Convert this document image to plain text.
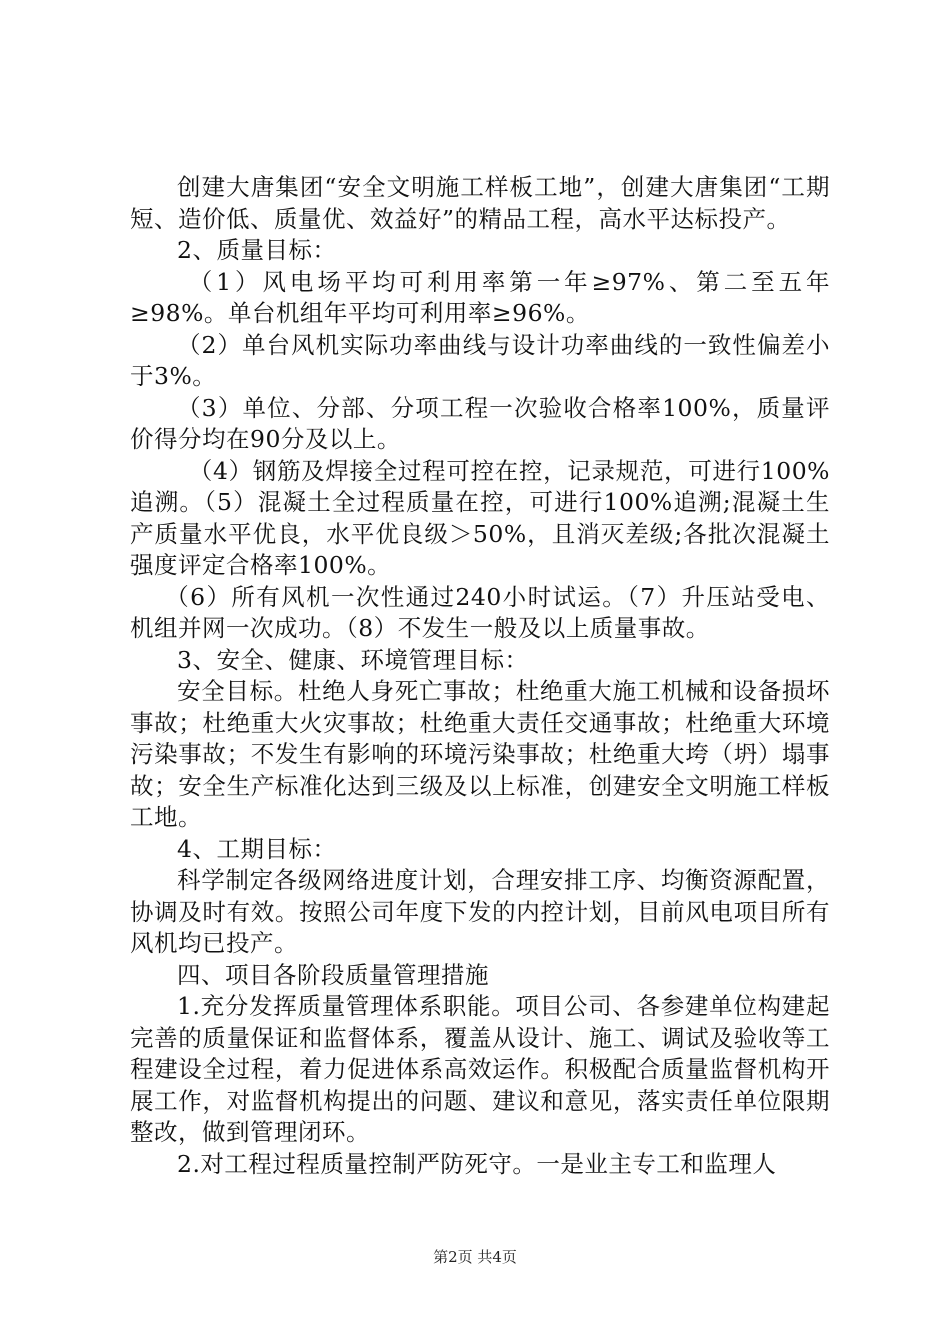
创建大唐集团“安全文明施工样板工地”，创建大唐集团“工期短、造价低、质量优、效益好”的精品工程，高水平达标投产。

2、质量目标：

（1）风电场平均可利用率第一年≥97%、第二至五年≥98%。单台机组年平均可利用率≥96%。

（2）单台风机实际功率曲线与设计功率曲线的一致性偏差小于3%。

（3）单位、分部、分项工程一次验收合格率100%，质量评价得分均在90分及以上。

（4）钢筋及焊接全过程可控在控，记录规范，可进行100%追溯。（5）混凝土全过程质量在控，可进行100%追溯;混凝土生产质量水平优良，水平优良级＞50%，且消灭差级;各批次混凝土强度评定合格率100%。

（6）所有风机一次性通过240小时试运。（7）升压站受电、机组并网一次成功。（8）不发生一般及以上质量事故。

3、安全、健康、环境管理目标：

安全目标。杜绝人身死亡事故；杜绝重大施工机械和设备损坏事故；杜绝重大火灾事故；杜绝重大责任交通事故；杜绝重大环境污染事故；不发生有影响的环境污染事故；杜绝重大垮（坍）塌事故；安全生产标准化达到三级及以上标准，创建安全文明施工样板工地。

4、工期目标：

科学制定各级网络进度计划，合理安排工序、均衡资源配置，协调及时有效。按照公司年度下发的内控计划，目前风电项目所有风机均已投产。

四、项目各阶段质量管理措施

1.充分发挥质量管理体系职能。项目公司、各参建单位构建起完善的质量保证和监督体系，覆盖从设计、施工、调试及验收等工程建设全过程，着力促进体系高效运作。积极配合质量监督机构开展工作，对监督机构提出的问题、建议和意见，落实责任单位限期整改，做到管理闭环。

2.对工程过程质量控制严防死守。一是业主专工和监理人

第2页 共4页
